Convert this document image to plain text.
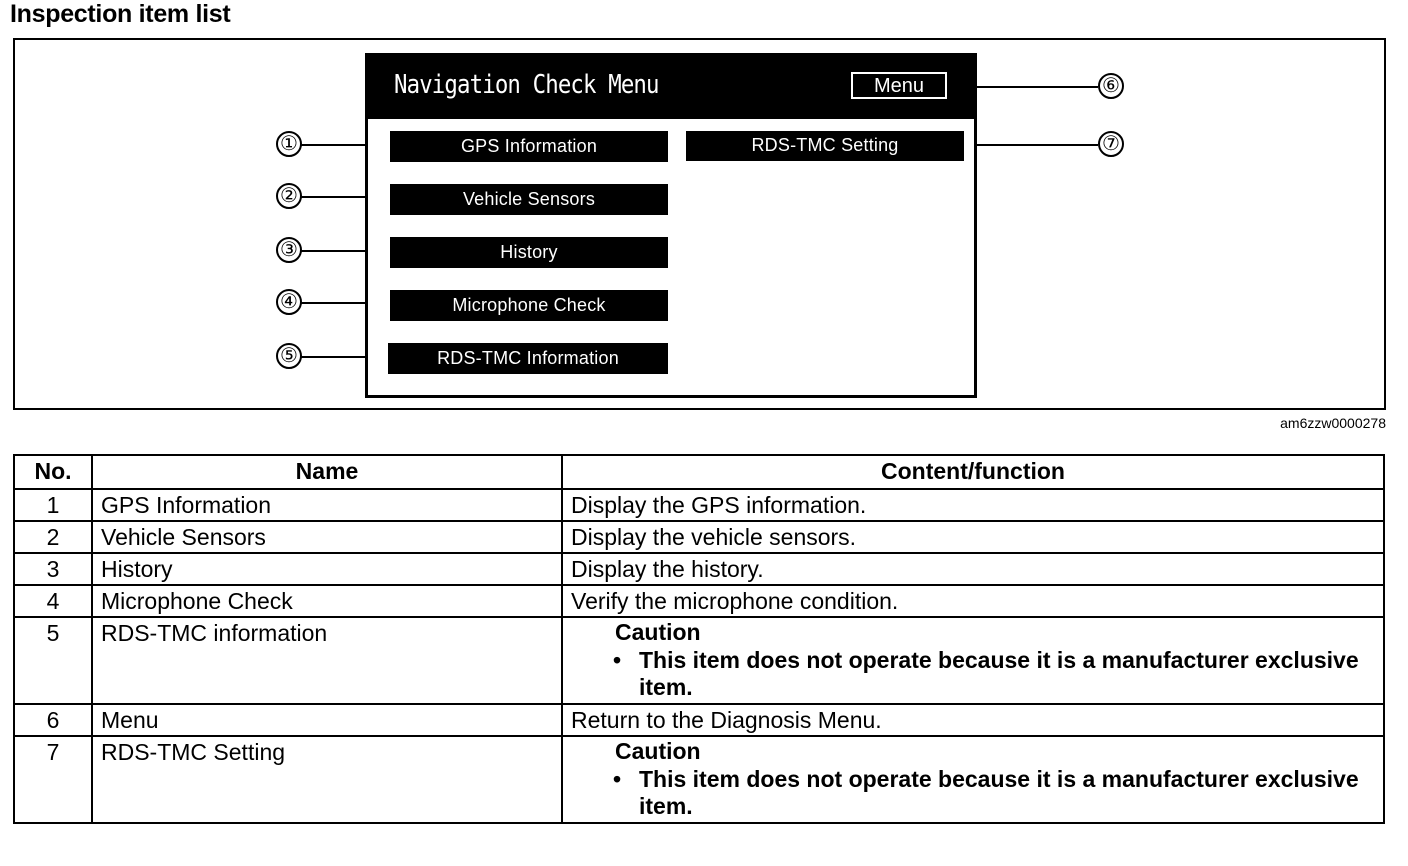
Inspection item list
Navigation Check Menu	Menu
GPS Information
Vehicle Sensors
History
Microphone Check
RDS-TMC Information
RDS-TMC Setting
①
②
③
④
⑤
⑥
⑦
am6zzw0000278
No.	Name	Content/function
1	GPS Information	Display the GPS information.
2	Vehicle Sensors	Display the vehicle sensors.
3	History	Display the history.
4	Microphone Check	Verify the microphone condition.
5	RDS-TMC information	Caution
• This item does not operate because it is a manufacturer exclusive item.

6	Menu	Return to the Diagnosis Menu.
7	RDS-TMC Setting	Caution
• This item does not operate because it is a manufacturer exclusive item.
